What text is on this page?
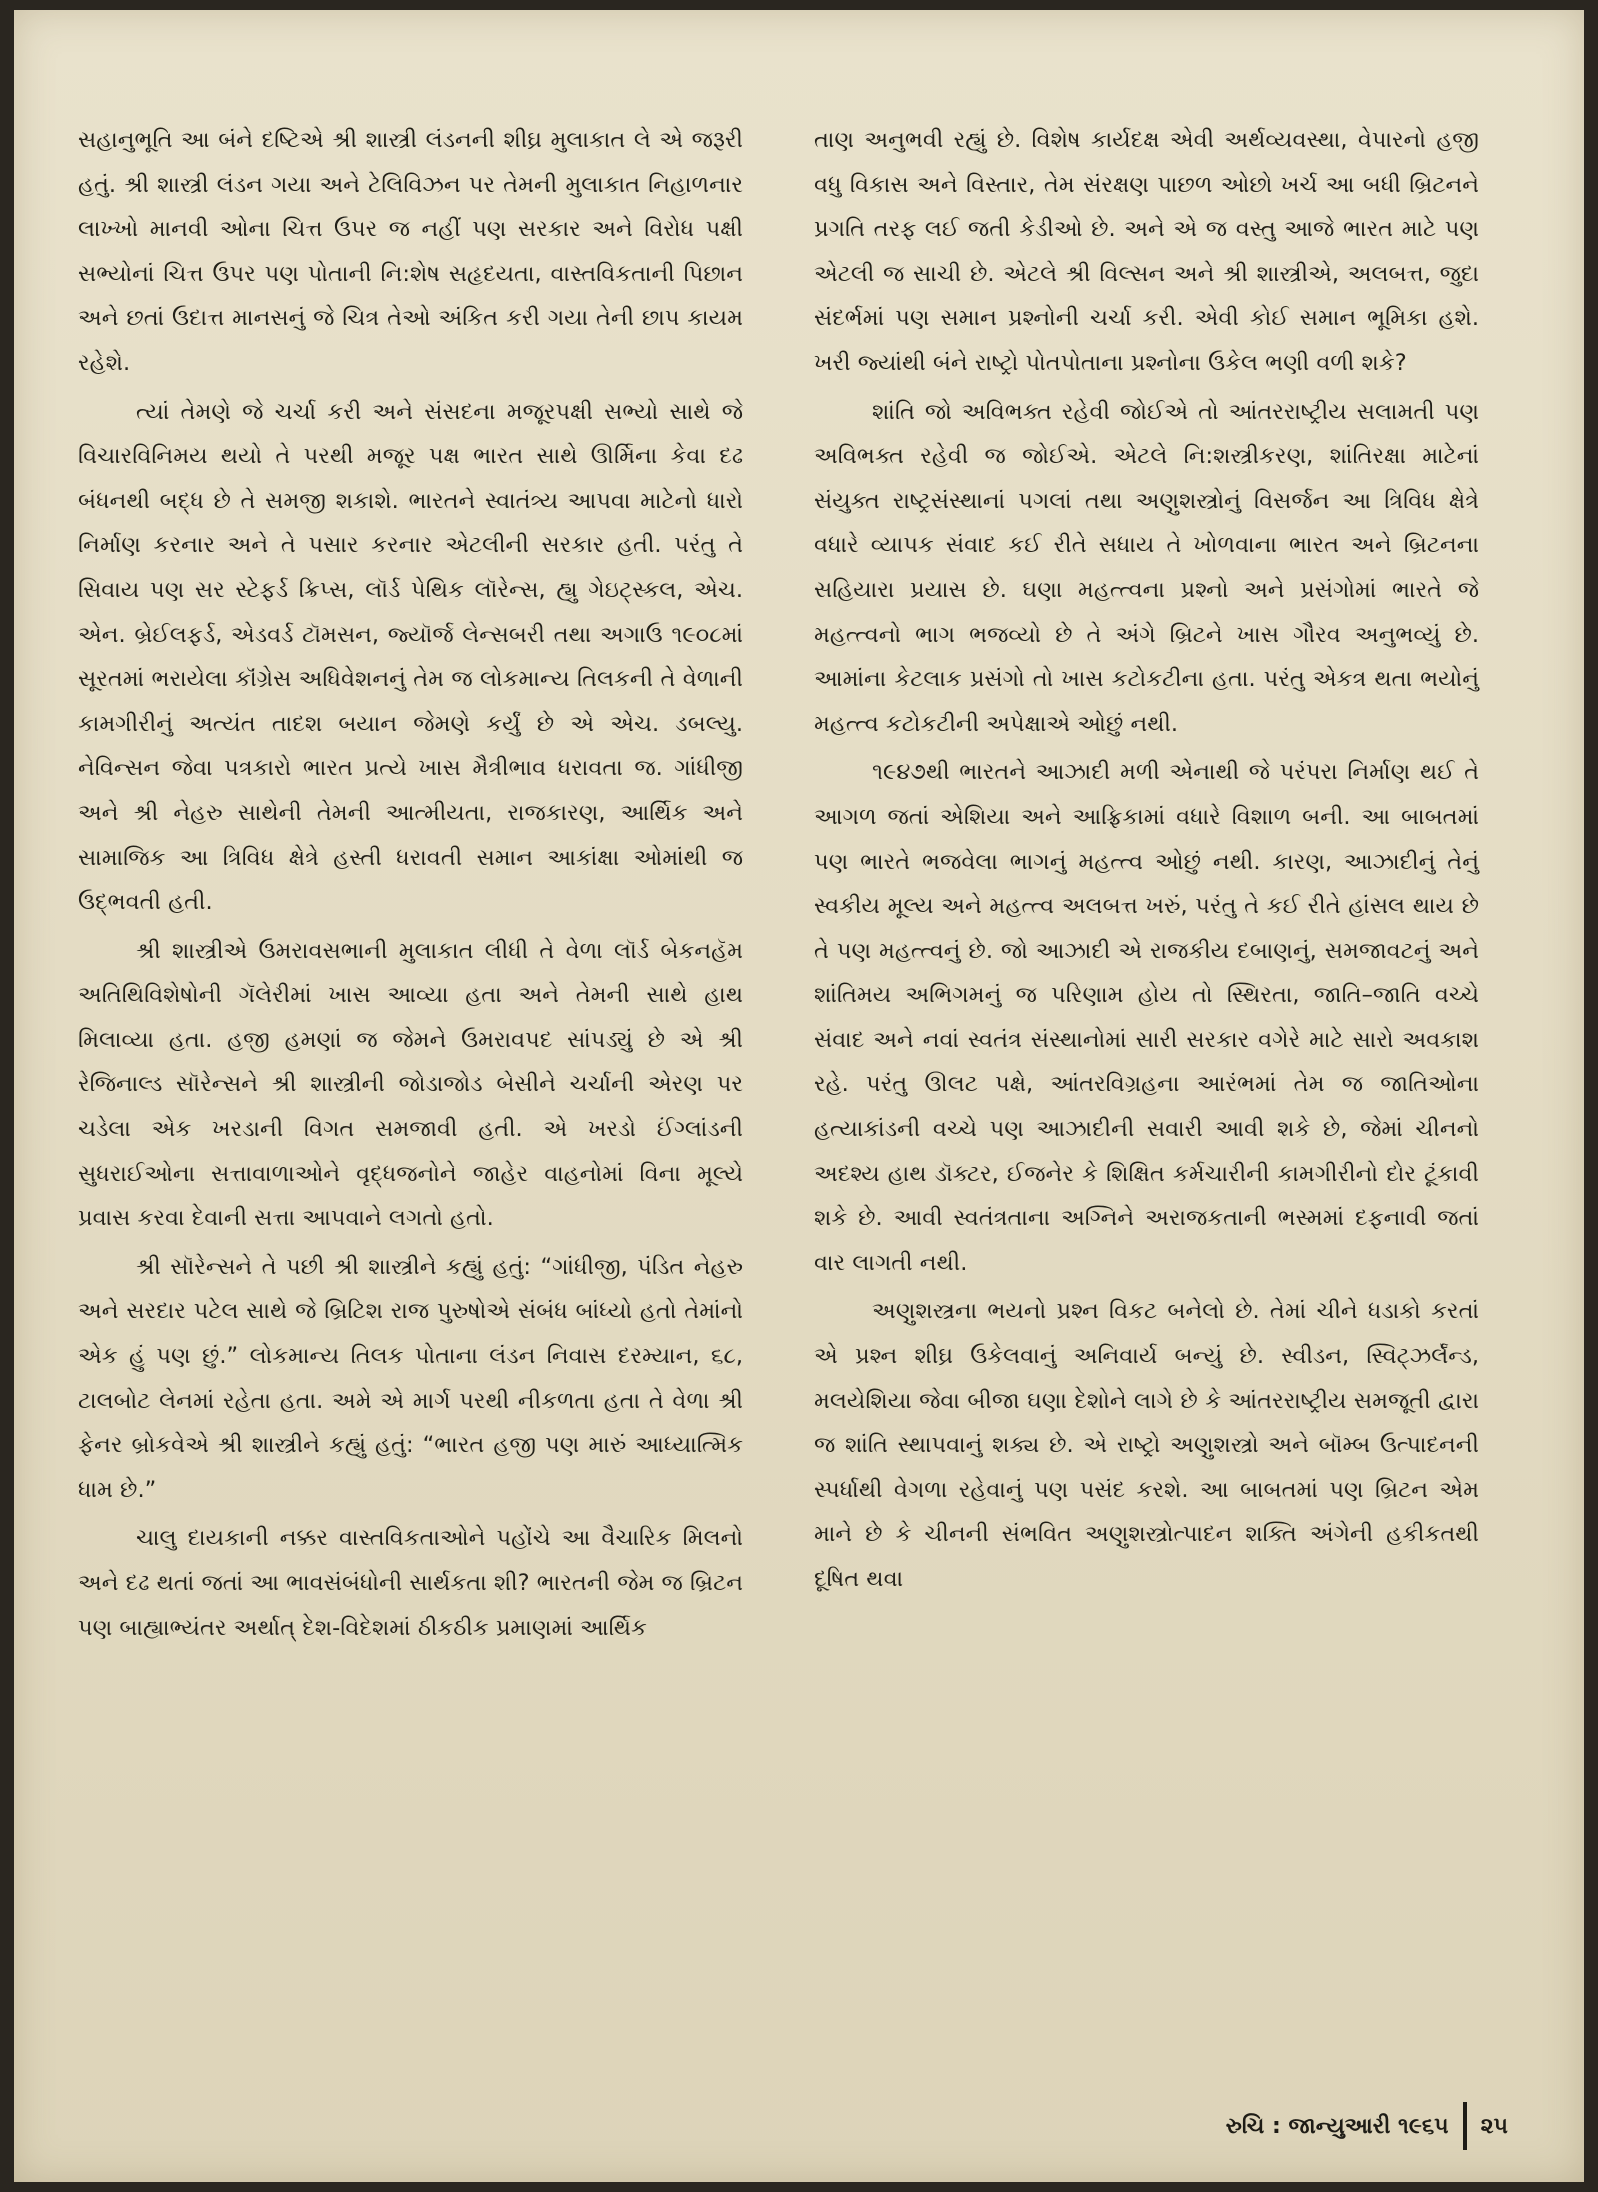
સહાનુભૂતિ આ બંને દષ્ટિએ શ્રી શાસ્ત્રી લંડનની શીઘ્ર મુલાકાત લે એ જરૂરી હતું. શ્રી શાસ્ત્રી લંડન ગયા અને ટેલિવિઝન પર તેમની મુલાકાત નિહાળનાર લાખ્ખો માનવી ઓના ચિત્ત ઉપર જ નહીં પણ સરકાર અને વિરોધ પક્ષી સભ્યોનાં ચિત્ત ઉપર પણ પોતાની નિ:શેષ સહૃદયતા, વાસ્તવિકતાની પિછાન અને છતાં ઉદાત્ત માનસનું જે ચિત્ર તેઓ અંકિત કરી ગયા તેની છાપ કાયમ રહેશે.

ત્યાં તેમણે જે ચર્ચા કરી અને સંસદના મજૂરપક્ષી સભ્યો સાથે જે વિચારવિનિમય થયો તે પરથી મજૂર પક્ષ ભારત સાથે ઊર્મિના કેવા દઢ બંધનથી બદ્ધ છે તે સમજી શકાશે. ભારતને સ્વાતંત્ર્ય આપવા માટેનો ધારો નિર્માણ કરનાર અને તે પસાર કરનાર એટલીની સરકાર હતી. પરંતુ તે સિવાય પણ સર સ્ટેફર્ડ ક્રિપ્સ, લૉર્ડ પેથિક લૉરેન્સ, હ્યુ ગેઇટ્સ્કલ, એચ. એન. બ્રેઈલફર્ડ, એડવર્ડ ટૉમસન, જ્યૉર્જ લેન્સબરી તથા અગાઉ ૧૯૦૮માં સૂરતમાં ભરાયેલા કૉંગ્રેસ અધિવેશનનું તેમ જ લોકમાન્ય તિલકની તે વેળાની કામગીરીનું અત્યંત તાદશ બયાન જેમણે કર્યું છે એ એચ. ડબલ્યુ. નેવિન્સન જેવા પત્રકારો ભારત પ્રત્યે ખાસ મૈત્રીભાવ ધરાવતા જ. ગાંધીજી અને શ્રી નેહરુ સાથેની તેમની આત્મીયતા, રાજકારણ, આર્થિક અને સામાજિક આ ત્રિવિધ ક્ષેત્રે હસ્તી ધરાવતી સમાન આકાંક્ષા ઓમાંથી જ ઉદ્‌ભવતી હતી.

શ્રી શાસ્ત્રીએ ઉમરાવસભાની મુલાકાત લીધી તે વેળા લૉર્ડ બેકનહૅમ અતિથિવિશેષોની ગૅલેરીમાં ખાસ આવ્યા હતા અને તેમની સાથે હાથ મિલાવ્યા હતા. હજી હમણાં જ જેમને ઉમરાવપદ સાંપડ્યું છે એ શ્રી રેજિનાલ્ડ સૉરેન્સને શ્રી શાસ્ત્રીની જોડાજોડ બેસીને ચર્ચાની એરણ પર ચડેલા એક ખરડાની વિગત સમજાવી હતી. એ ખરડો ઈંગ્લાંડની સુધરાઈઓના સત્તાવાળાઓને વૃદ્ધજનોને જાહેર વાહનોમાં વિના મૂલ્યે પ્રવાસ કરવા દેવાની સત્તા આપવાને લગતો હતો.

શ્રી સૉરેન્સને તે પછી શ્રી શાસ્ત્રીને કહ્યું હતું: “ગાંધીજી, પંડિત નેહરુ અને સરદાર પટેલ સાથે જે બ્રિટિશ રાજ પુરુષોએ સંબંધ બાંધ્યો હતો તેમાંનો એક હું પણ છું.” લોકમાન્ય તિલક પોતાના લંડન નિવાસ દરમ્યાન, ૬૮, ટાલબોટ લેનમાં રહેતા હતા. અમે એ માર્ગ પરથી નીકળતા હતા તે વેળા શ્રી ફેનર બ્રોકવેએ શ્રી શાસ્ત્રીને કહ્યું હતું: “ભારત હજી પણ મારું આધ્યાત્મિક ધામ છે.”

ચાલુ દાયકાની નક્કર વાસ્તવિકતાઓને પહોંચે આ વૈચારિક મિલનો અને દઢ થતાં જતાં આ ભાવસંબંધોની સાર્થકતા શી? ભારતની જેમ જ બ્રિટન પણ બાહ્યાભ્યંતર અર્થાત્ દેશ-વિદેશમાં ઠીકઠીક પ્રમાણમાં આર્થિક

તાણ અનુભવી રહ્યું છે. વિશેષ કાર્યદક્ષ એવી અર્થવ્યવસ્થા, વેપારનો હજી વધુ વિકાસ અને વિસ્તાર, તેમ સંરક્ષણ પાછળ ઓછો ખર્ચ આ બધી બ્રિટનને પ્રગતિ તરફ લઈ જતી કેડીઓ છે. અને એ જ વસ્તુ આજે ભારત માટે પણ એટલી જ સાચી છે. એટલે શ્રી વિલ્સન અને શ્રી શાસ્ત્રીએ, અલબત્ત, જુદા સંદર્ભમાં પણ સમાન પ્રશ્નોની ચર્ચા કરી. એવી કોઈ સમાન ભૂમિકા હશે. ખરી જ્યાંથી બંને રાષ્ટ્રો પોતપોતાના પ્રશ્નોના ઉકેલ ભણી વળી શકે?

શાંતિ જો અવિભક્ત રહેવી જોઈએ તો આંતરરાષ્ટ્રીય સલામતી પણ અવિભક્ત રહેવી જ જોઈએ. એટલે નિ:શસ્ત્રીકરણ, શાંતિરક્ષા માટેનાં સંયુક્ત રાષ્ટ્રસંસ્થાનાં પગલાં તથા અણુશસ્ત્રોનું વિસર્જન આ ત્રિવિધ ક્ષેત્રે વધારે વ્યાપક સંવાદ કઈ રીતે સધાય તે ખોળવાના ભારત અને બ્રિટનના સહિયારા પ્રયાસ છે. ઘણા મહત્ત્વના પ્રશ્નો અને પ્રસંગોમાં ભારતે જે મહત્ત્વનો ભાગ ભજવ્યો છે તે અંગે બ્રિટને ખાસ ગૌરવ અનુભવ્યું છે. આમાંના કેટલાક પ્રસંગો તો ખાસ કટોકટીના હતા. પરંતુ એકત્ર થતા ભયોનું મહત્ત્વ કટોકટીની અપેક્ષાએ ઓછું નથી.

૧૯૪૭થી ભારતને આઝાદી મળી એનાથી જે પરંપરા નિર્માણ થઈ તે આગળ જતાં એશિયા અને આફ્રિકામાં વધારે વિશાળ બની. આ બાબતમાં પણ ભારતે ભજવેલા ભાગનું મહત્ત્વ ઓછું નથી. કારણ, આઝાદીનું તેનું સ્વકીય મૂલ્ય અને મહત્ત્વ અલબત્ત ખરું, પરંતુ તે કઈ રીતે હાંસલ થાય છે તે પણ મહત્ત્વનું છે. જો આઝાદી એ રાજકીય દબાણનું, સમજાવટનું અને શાંતિમય અભિગમનું જ પરિણામ હોય તો સ્થિરતા, જાતિ–જાતિ વચ્ચે સંવાદ અને નવાં સ્વતંત્ર સંસ્થાનોમાં સારી સરકાર વગેરે માટે સારો અવકાશ રહે. પરંતુ ઊલટ પક્ષે, આંતરવિગ્રહના આરંભમાં તેમ જ જાતિઓના હત્યાકાંડની વચ્ચે પણ આઝાદીની સવારી આવી શકે છે, જેમાં ચીનનો અદશ્ય હાથ ડૉક્ટર, ઈજનેર કે શિક્ષિત કર્મચારીની કામગીરીનો દોર ટૂંકાવી શકે છે. આવી સ્વતંત્રતાના અગ્નિને અરાજકતાની ભસ્મમાં દફનાવી જતાં વાર લાગતી નથી.

અણુશસ્ત્રના ભયનો પ્રશ્ન વિકટ બનેલો છે. તેમાં ચીને ધડાકો કરતાં એ પ્રશ્ન શીઘ્ર ઉકેલવાનું અનિવાર્ય બન્યું છે. સ્વીડન, સ્વિટ્ઝર્લૅન્ડ, મલયેશિયા જેવા બીજા ઘણા દેશોને લાગે છે કે આંતરરાષ્ટ્રીય સમજૂતી દ્વારા જ શાંતિ સ્થાપવાનું શક્ય છે. એ રાષ્ટ્રો અણુશસ્ત્રો અને બૉમ્બ ઉત્પાદનની સ્પર્ધાથી વેગળા રહેવાનું પણ પસંદ કરશે. આ બાબતમાં પણ બ્રિટન એમ માને છે કે ચીનની સંભવિત અણુશસ્ત્રોત્પાદન શક્તિ અંગેની હકીકતથી દૂષિત થવા

રુચિ : જાન્યુઆરી ૧૯૬૫ ૨૫
